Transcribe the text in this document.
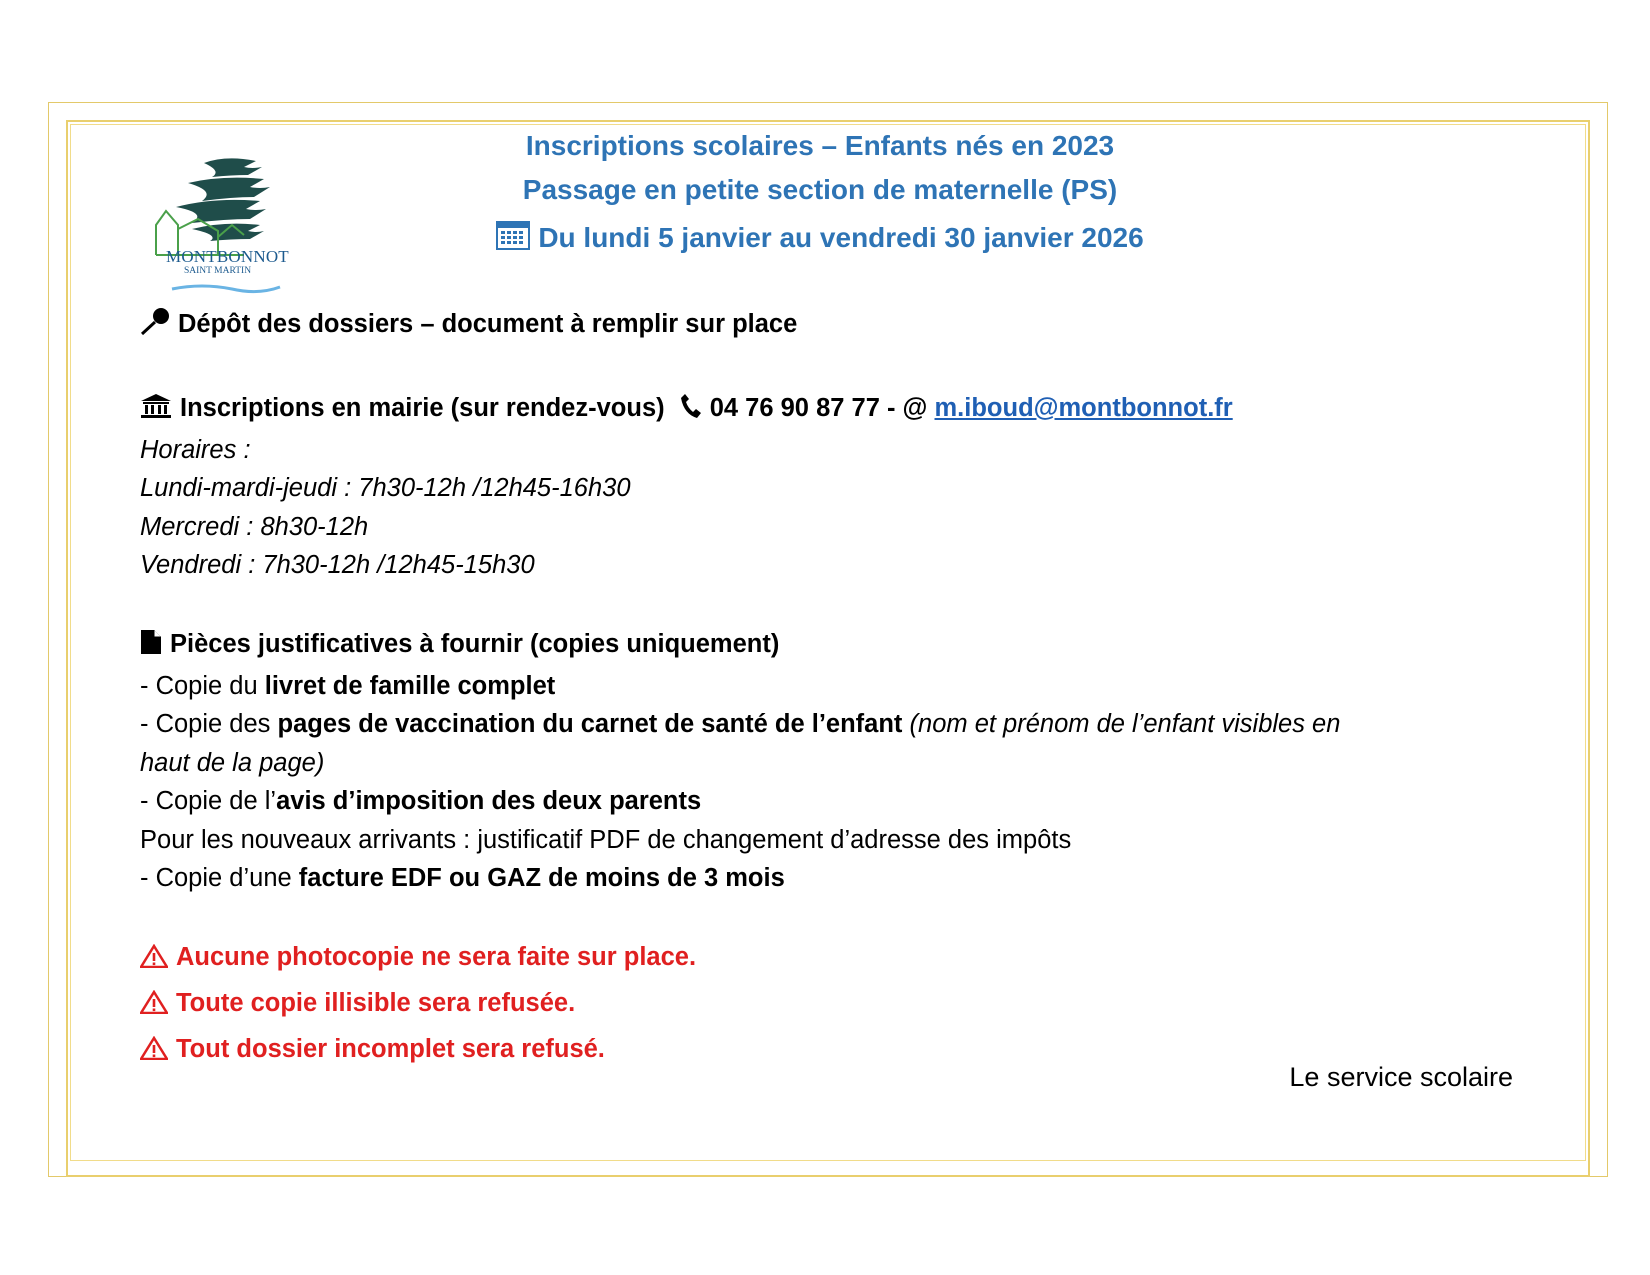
MONTBONNOT
SAINT MARTIN
Inscriptions scolaires – Enfants nés en 2023
Passage en petite section de maternelle (PS)
Du lundi 5 janvier au vendredi 30 janvier 2026
Dépôt des dossiers – document à remplir sur place
Inscriptions en mairie (sur rendez-vous) 04 76 90 87 77 - @ m.iboud@montbonnot.fr
Horaires :
Lundi-mardi-jeudi : 7h30-12h /12h45-16h30
Mercredi : 8h30-12h
Vendredi : 7h30-12h /12h45-15h30
Pièces justificatives à fournir (copies uniquement)
- Copie du livret de famille complet
- Copie des pages de vaccination du carnet de santé de l’enfant (nom et prénom de l’enfant visibles en
haut de la page)
- Copie de l’avis d’imposition des deux parents
Pour les nouveaux arrivants : justificatif PDF de changement d’adresse des impôts
- Copie d’une facture EDF ou GAZ de moins de 3 mois
Aucune photocopie ne sera faite sur place.
Toute copie illisible sera refusée.
Tout dossier incomplet sera refusé.
Le service scolaire
